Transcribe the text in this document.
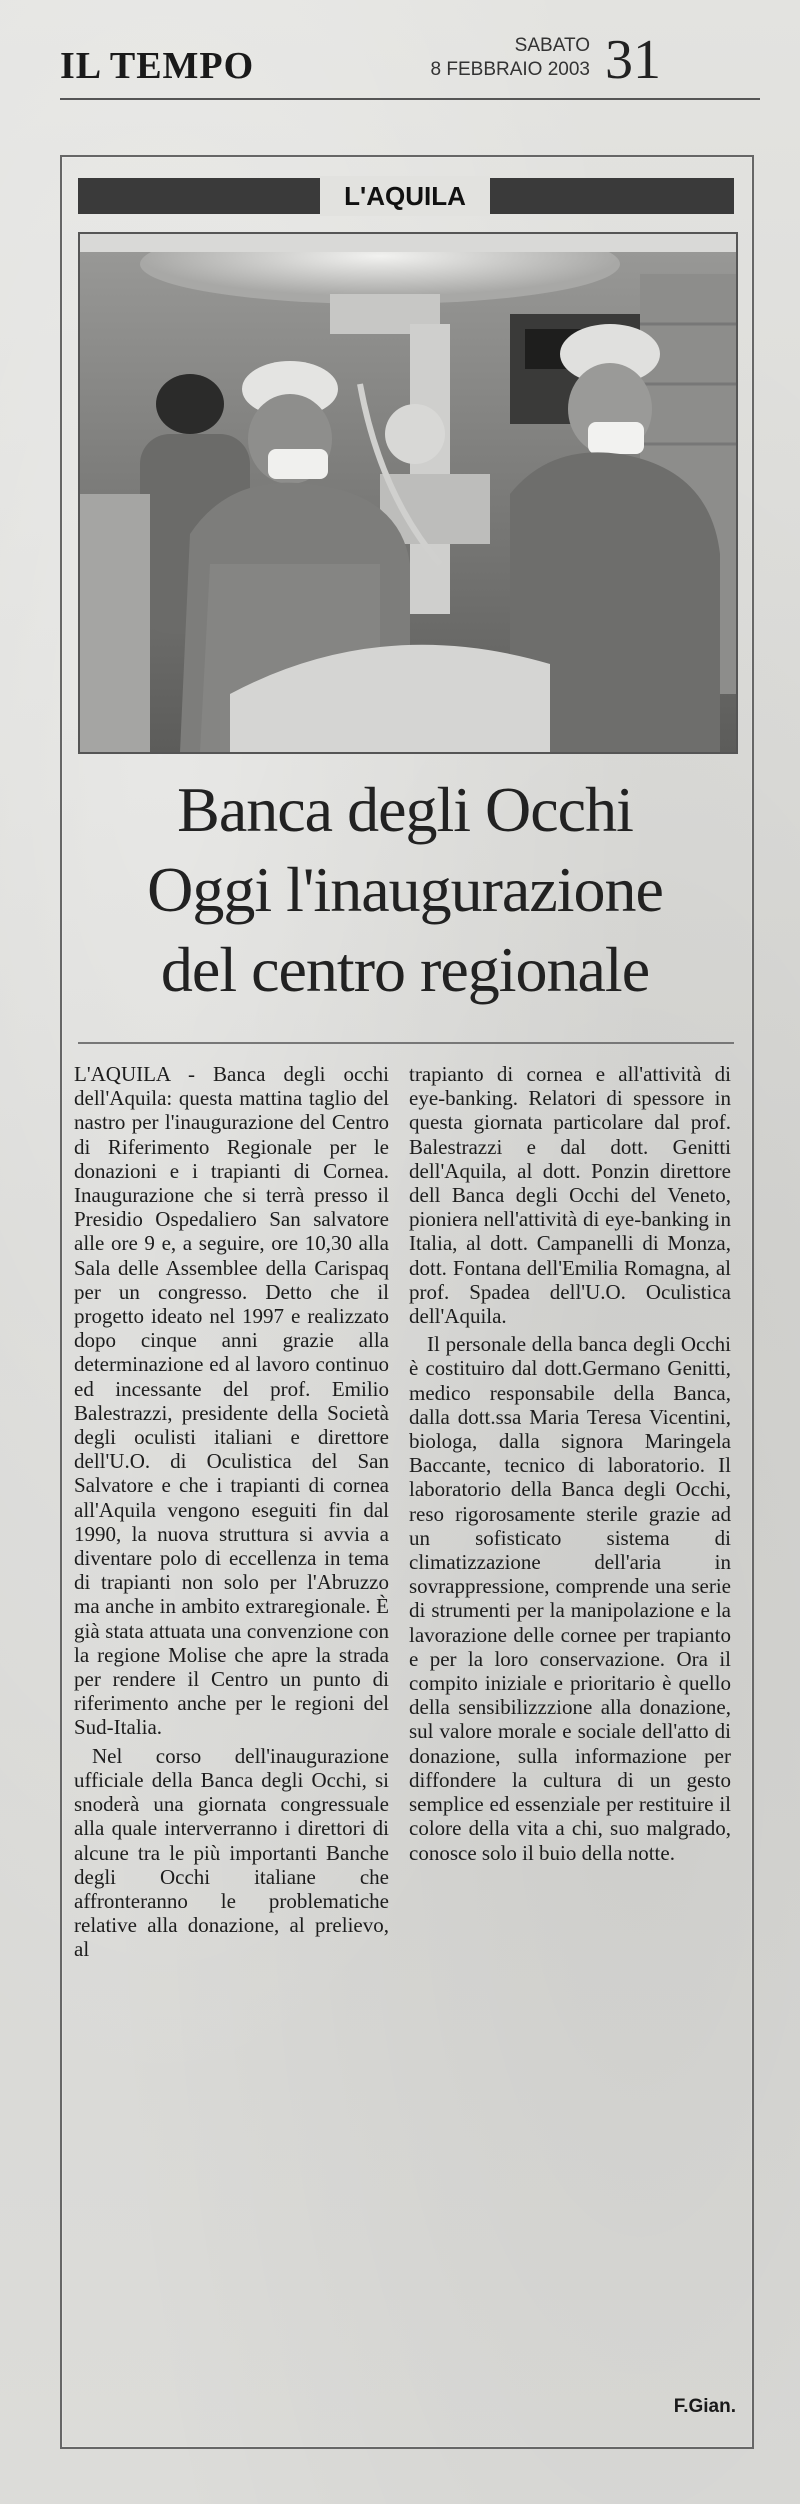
IL TEMPO	SABATO
8 FEBBRAIO 2003 31
L'AQUILA
Banca degli Occhi
Oggi l'inaugurazione
del centro regionale

L'AQUILA - Banca degli occhi dell'Aquila: questa mattina taglio del nastro per l'inaugurazione del Centro di Riferimento Regionale per le donazioni e i trapianti di Cornea. Inaugurazione che si terrà presso il Presidio Ospedaliero San salvatore alle ore 9 e, a seguire, ore 10,30 alla Sala delle Assemblee della Carispaq per un congresso. Detto che il progetto ideato nel 1997 e realizzato dopo cinque anni grazie alla determinazione ed al lavoro continuo ed incessante del prof. Emilio Balestrazzi, presidente della Società degli oculisti italiani e direttore dell'U.O. di Oculistica del San Salvatore e che i trapianti di cornea all'Aquila vengono eseguiti fin dal 1990, la nuova struttura si avvia a diventare polo di eccellenza in tema di trapianti non solo per l'Abruzzo ma anche in ambito extraregionale. È già stata attuata una convenzione con la regione Molise che apre la strada per rendere il Centro un punto di riferimento anche per le regioni del Sud-Italia.

Nel corso dell'inaugurazione ufficiale della Banca degli Occhi, si snoderà una giornata congressuale alla quale interverranno i direttori di alcune tra le più importanti Banche degli Occhi italiane che affronteranno le problematiche relative alla donazione, al prelievo, al

trapianto di cornea e all'attività di eye-banking. Relatori di spessore in questa giornata particolare dal prof. Balestrazzi e dal dott. Genitti dell'Aquila, al dott. Ponzin direttore dell Banca degli Occhi del Veneto, pioniera nell'attività di eye-banking in Italia, al dott. Campanelli di Monza, dott. Fontana dell'Emilia Romagna, al prof. Spadea dell'U.O. Oculistica dell'Aquila.

Il personale della banca degli Occhi è costituiro dal dott.Germano Genitti, medico responsabile della Banca, dalla dott.ssa Maria Teresa Vicentini, biologa, dalla signora Maringela Baccante, tecnico di laboratorio. Il laboratorio della Banca degli Occhi, reso rigorosamente sterile grazie ad un sofisticato sistema di climatizzazione dell'aria in sovrappressione, comprende una serie di strumenti per la manipolazione e la lavorazione delle cornee per trapianto e per la loro conservazione. Ora il compito iniziale e prioritario è quello della sensibilizzzione alla donazione, sul valore morale e sociale dell'atto di donazione, sulla informazione per diffondere la cultura di un gesto semplice ed essenziale per restituire il colore della vita a chi, suo malgrado, conosce solo il buio della notte.

F.Gian.
